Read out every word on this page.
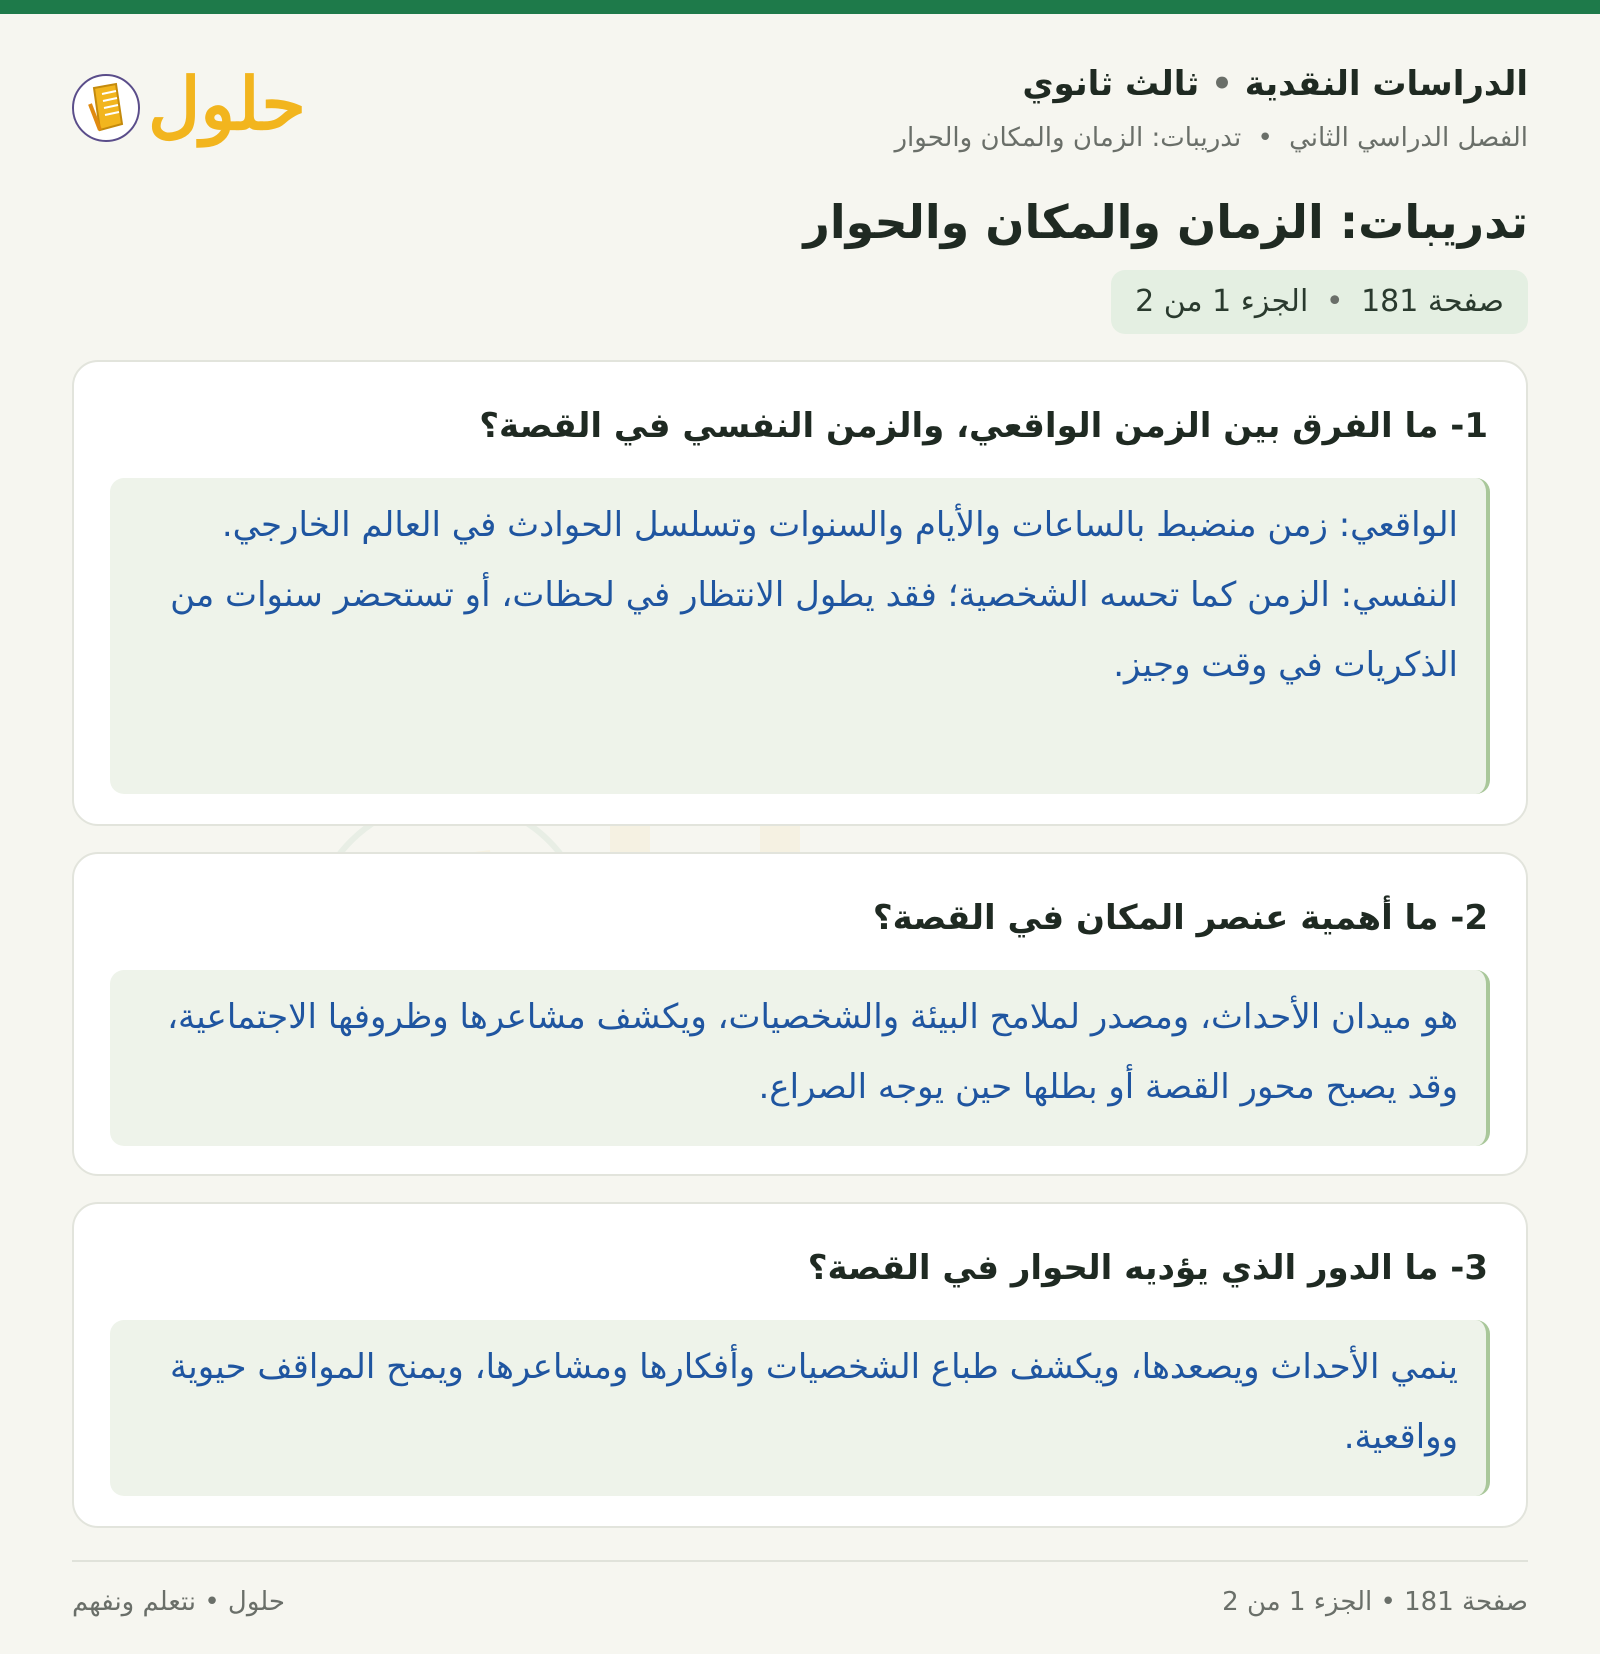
الدراسات النقدية • ثالث ثانوي
الفصل الدراسي الثاني • تدريبات: الزمان والمكان والحوار
حلول
تدريبات: الزمان والمكان والحوار
صفحة 181 • الجزء 1 من 2
1- ما الفرق بين الزمن الواقعي، والزمن النفسي في القصة؟

الواقعي: زمن منضبط بالساعات والأيام والسنوات وتسلسل الحوادث في العالم الخارجي.

النفسي: الزمن كما تحسه الشخصية؛ فقد يطول الانتظار في لحظات، أو تستحضر سنوات من الذكريات في وقت وجيز.

2- ما أهمية عنصر المكان في القصة؟

هو ميدان الأحداث، ومصدر لملامح البيئة والشخصيات، ويكشف مشاعرها وظروفها الاجتماعية، وقد يصبح محور القصة أو بطلها حين يوجه الصراع.

3- ما الدور الذي يؤديه الحوار في القصة؟

ينمي الأحداث ويصعدها، ويكشف طباع الشخصيات وأفكارها ومشاعرها، ويمنح المواقف حيوية وواقعية.

صفحة 181 • الجزء 1 من 2
حلول • نتعلم ونفهم
